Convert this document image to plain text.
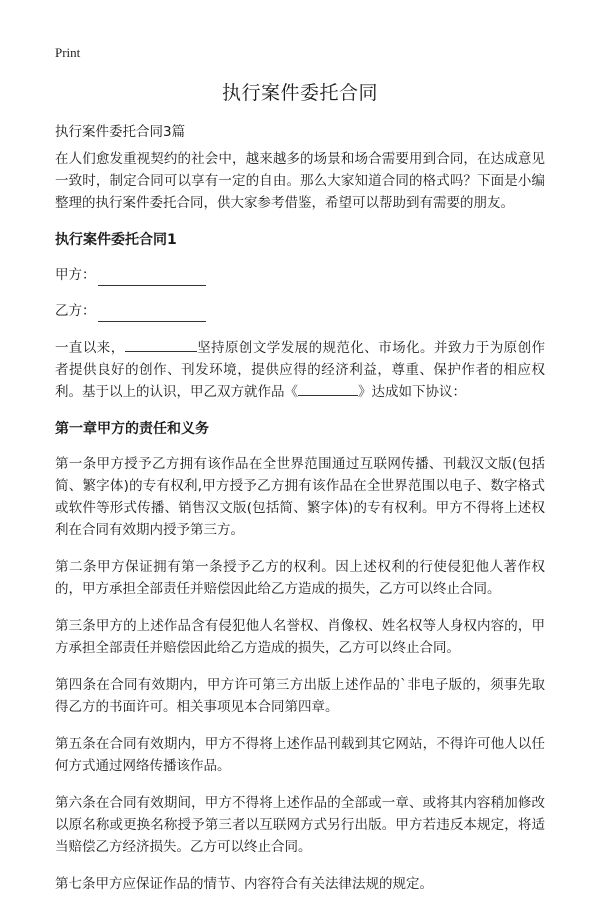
Print
执行案件委托合同
执行案件委托合同3篇

在人们愈发重视契约的社会中，越来越多的场景和场合需要用到合同，在达成意见一致时，制定合同可以享有一定的自由。那么大家知道合同的格式吗？下面是小编整理的执行案件委托合同，供大家参考借鉴，希望可以帮助到有需要的朋友。

执行案件委托合同1
甲方：
乙方：

一直以来，	坚持原创文学发展的规范化、市场化。并致力于为原创作者提供良好的创作、刊发环境，提供应得的经济利益，尊重、保护作者的相应权利。基于以上的认识，甲乙双方就作品《	》达成如下协议：

第一章甲方的责任和义务

第一条甲方授予乙方拥有该作品在全世界范围通过互联网传播、刊载汉文版(包括简、繁字体)的专有权利,甲方授予乙方拥有该作品在全世界范围以电子、数字格式或软件等形式传播、销售汉文版(包括简、繁字体)的专有权利。甲方不得将上述权利在合同有效期内授予第三方。

第二条甲方保证拥有第一条授予乙方的权利。因上述权利的行使侵犯他人著作权的，甲方承担全部责任并赔偿因此给乙方造成的损失，乙方可以终止合同。

第三条甲方的上述作品含有侵犯他人名誉权、肖像权、姓名权等人身权内容的，甲方承担全部责任并赔偿因此给乙方造成的损失，乙方可以终止合同。

第四条在合同有效期内，甲方许可第三方出版上述作品的`非电子版的，须事先取得乙方的书面许可。相关事项见本合同第四章。

第五条在合同有效期内，甲方不得将上述作品刊载到其它网站，不得许可他人以任何方式通过网络传播该作品。

第六条在合同有效期间，甲方不得将上述作品的全部或一章、或将其内容稍加修改以原名称或更换名称授予第三者以互联网方式另行出版。甲方若违反本规定，将适当赔偿乙方经济损失。乙方可以终止合同。

第七条甲方应保证作品的情节、内容符合有关法律法规的规定。
